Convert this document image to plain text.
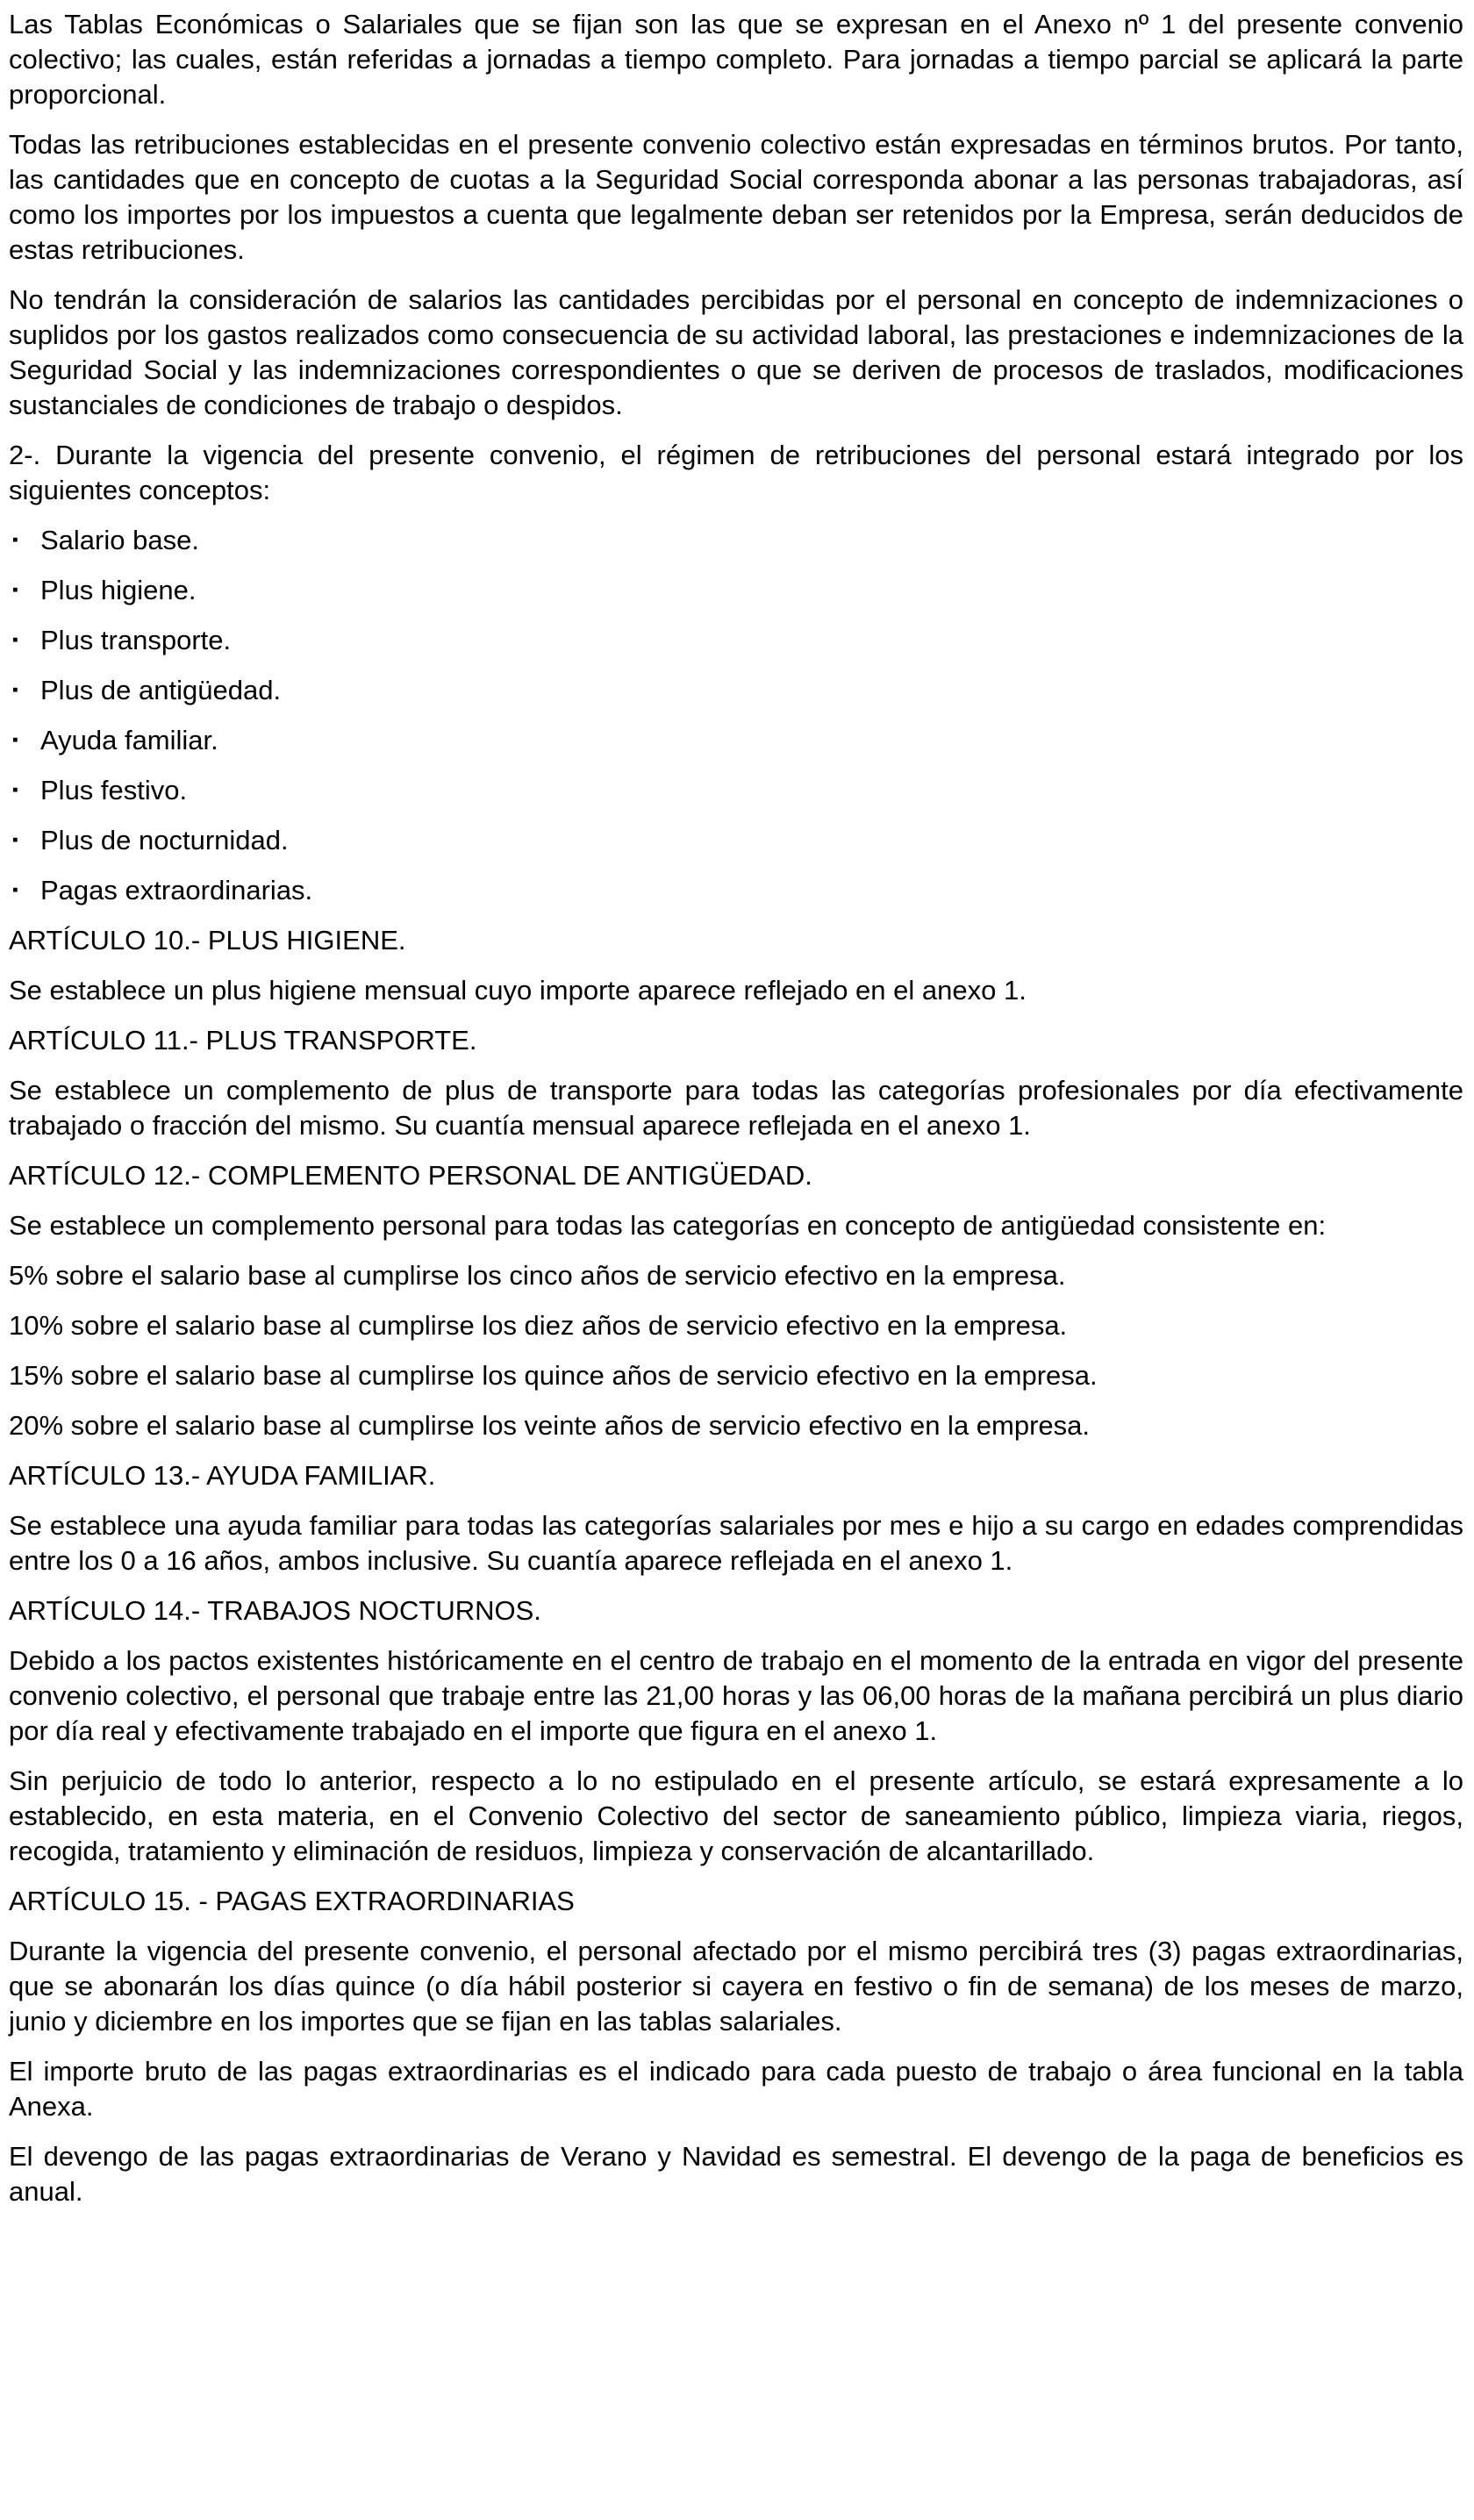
Las Tablas Económicas o Salariales que se fijan son las que se expresan en el Anexo nº 1 del presente convenio colectivo; las cuales, están referidas a jornadas a tiempo completo. Para jornadas a tiempo parcial se aplicará la parte proporcional.

Todas las retribuciones establecidas en el presente convenio colectivo están expresadas en términos brutos. Por tanto, las cantidades que en concepto de cuotas a la Seguridad Social corresponda abonar a las personas trabajadoras, así como los importes por los impuestos a cuenta que legalmente deban ser retenidos por la Empresa, serán deducidos de estas retribuciones.

No tendrán la consideración de salarios las cantidades percibidas por el personal en concepto de indemnizaciones o suplidos por los gastos realizados como consecuencia de su actividad laboral, las prestaciones e indemnizaciones de la Seguridad Social y las indemnizaciones correspondientes o que se deriven de procesos de traslados, modificaciones sustanciales de condiciones de trabajo o despidos.

2-. Durante la vigencia del presente convenio, el régimen de retribuciones del personal estará integrado por los siguientes conceptos:

▪ Salario base.
▪ Plus higiene.
▪ Plus transporte.
▪ Plus de antigüedad.
▪ Ayuda familiar.
▪ Plus festivo.
▪ Plus de nocturnidad.
▪ Pagas extraordinarias.

ARTÍCULO 10.- PLUS HIGIENE.

Se establece un plus higiene mensual cuyo importe aparece reflejado en el anexo 1.

ARTÍCULO 11.- PLUS TRANSPORTE.

Se establece un complemento de plus de transporte para todas las categorías profesionales por día efectivamente trabajado o fracción del mismo. Su cuantía mensual aparece reflejada en el anexo 1.

ARTÍCULO 12.- COMPLEMENTO PERSONAL DE ANTIGÜEDAD.

Se establece un complemento personal para todas las categorías en concepto de antigüedad consistente en:

5% sobre el salario base al cumplirse los cinco años de servicio efectivo en la empresa.

10% sobre el salario base al cumplirse los diez años de servicio efectivo en la empresa.

15% sobre el salario base al cumplirse los quince años de servicio efectivo en la empresa.

20% sobre el salario base al cumplirse los veinte años de servicio efectivo en la empresa.

ARTÍCULO 13.- AYUDA FAMILIAR.

Se establece una ayuda familiar para todas las categorías salariales por mes e hijo a su cargo en edades comprendidas entre los 0 a 16 años, ambos inclusive. Su cuantía aparece reflejada en el anexo 1.

ARTÍCULO 14.- TRABAJOS NOCTURNOS.

Debido a los pactos existentes históricamente en el centro de trabajo en el momento de la entrada en vigor del presente convenio colectivo, el personal que trabaje entre las 21,00 horas y las 06,00 horas de la mañana percibirá un plus diario por día real y efectivamente trabajado en el importe que figura en el anexo 1.

Sin perjuicio de todo lo anterior, respecto a lo no estipulado en el presente artículo, se estará expresamente a lo establecido, en esta materia, en el Convenio Colectivo del sector de saneamiento público, limpieza viaria, riegos, recogida, tratamiento y eliminación de residuos, limpieza y conservación de alcantarillado.

ARTÍCULO 15. - PAGAS EXTRAORDINARIAS

Durante la vigencia del presente convenio, el personal afectado por el mismo percibirá tres (3) pagas extraordinarias, que se abonarán los días quince (o día hábil posterior si cayera en festivo o fin de semana) de los meses de marzo, junio y diciembre en los importes que se fijan en las tablas salariales.

El importe bruto de las pagas extraordinarias es el indicado para cada puesto de trabajo o área funcional en la tabla Anexa.

El devengo de las pagas extraordinarias de Verano y Navidad es semestral. El devengo de la paga de beneficios es anual.
